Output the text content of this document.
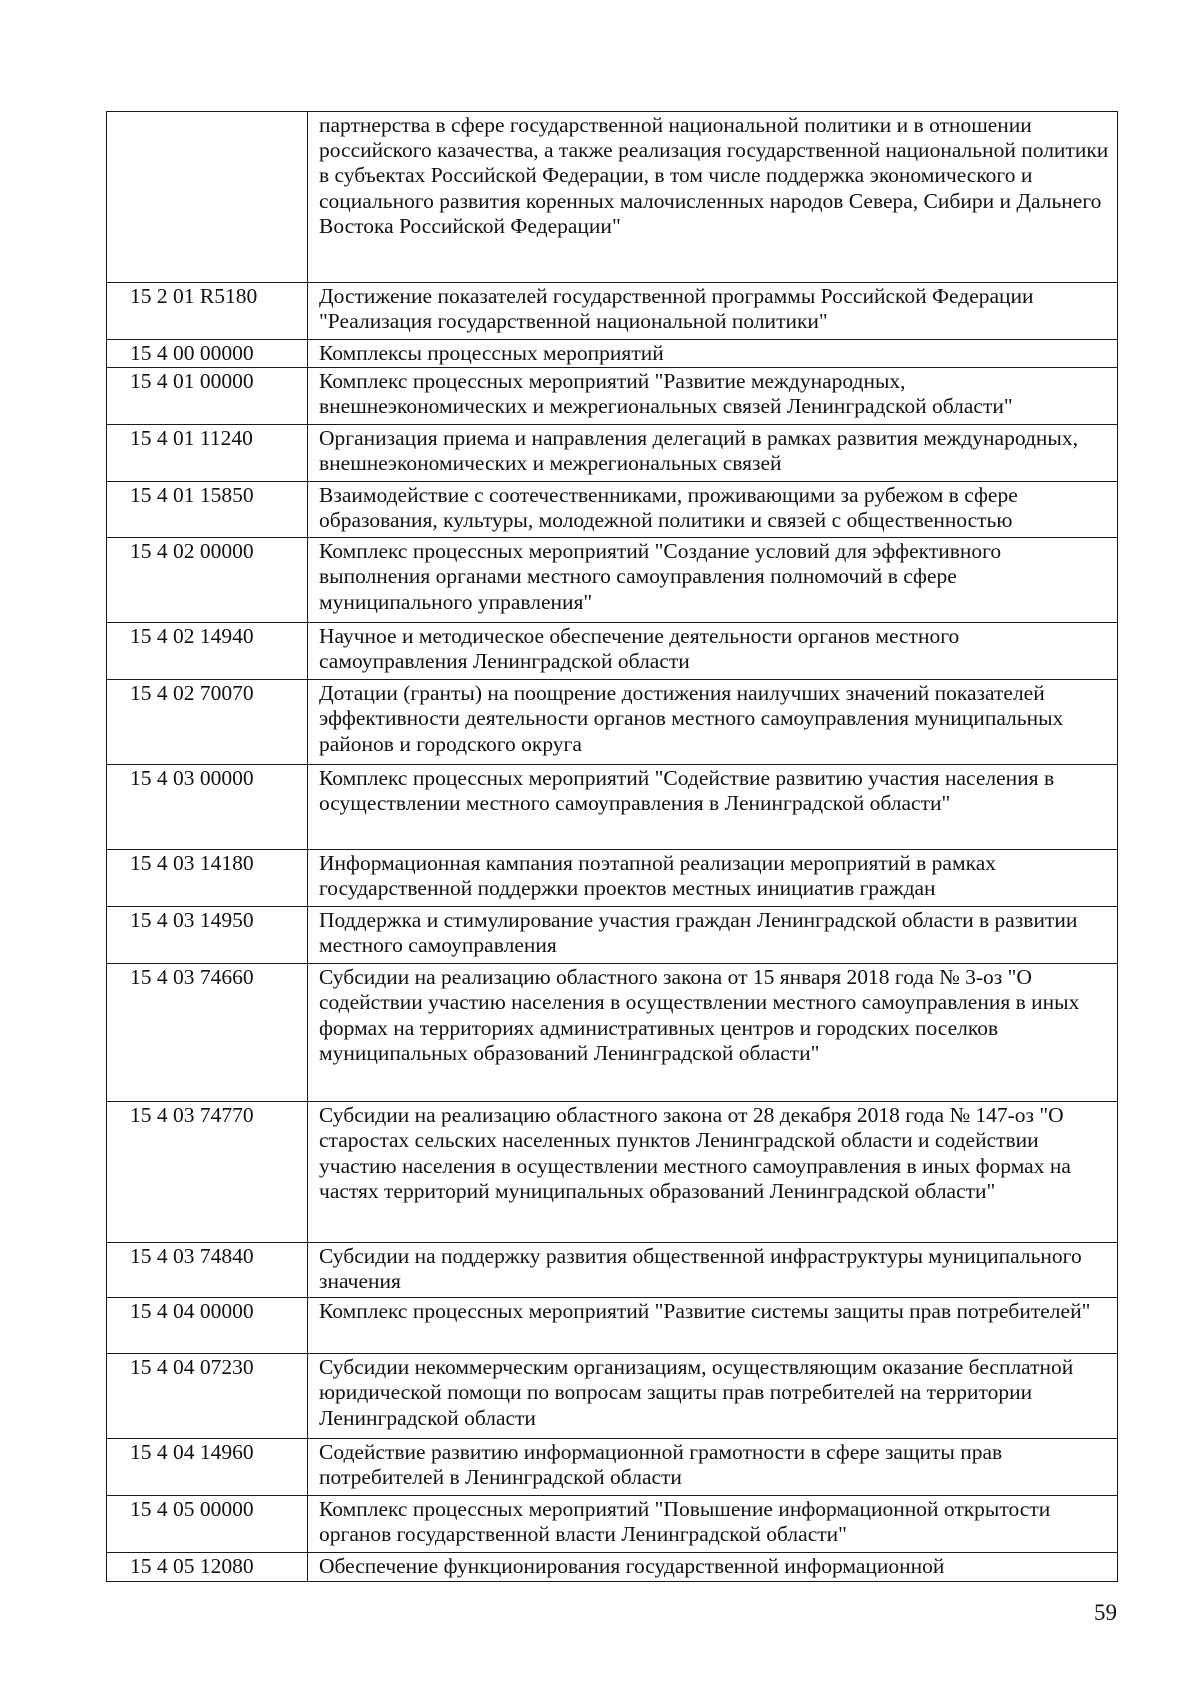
	партнерства в сфере государственной национальной политики и в отношении российского казачества, а также реализация государственной национальной политики в субъектах Российской Федерации, в том числе поддержка экономического и социального развития коренных малочисленных народов Севера, Сибири и Дальнего Востока Российской Федерации"
15 2 01 R5180	Достижение показателей государственной программы Российской Федерации "Реализация государственной национальной политики"
15 4 00 00000	Комплексы процессных мероприятий
15 4 01 00000	Комплекс процессных мероприятий "Развитие международных, внешнеэкономических и межрегиональных связей Ленинградской области"
15 4 01 11240	Организация приема и направления делегаций в рамках развития международных, внешнеэкономических и межрегиональных связей
15 4 01 15850	Взаимодействие с соотечественниками, проживающими за рубежом в сфере образования, культуры, молодежной политики и связей с общественностью
15 4 02 00000	Комплекс процессных мероприятий "Создание условий для эффективного выполнения органами местного самоуправления полномочий в сфере муниципального управления"
15 4 02 14940	Научное и методическое обеспечение деятельности органов местного самоуправления Ленинградской области
15 4 02 70070	Дотации (гранты) на поощрение достижения наилучших значений показателей эффективности деятельности органов местного самоуправления муниципальных районов и городского округа
15 4 03 00000	Комплекс процессных мероприятий "Содействие развитию участия населения в осуществлении местного самоуправления в Ленинградской области"
15 4 03 14180	Информационная кампания поэтапной реализации мероприятий в рамках государственной поддержки проектов местных инициатив граждан
15 4 03 14950	Поддержка и стимулирование участия граждан Ленинградской области в развитии местного самоуправления
15 4 03 74660	Субсидии на реализацию областного закона от 15 января 2018 года № 3-оз "О содействии участию населения в осуществлении местного самоуправления в иных формах на территориях административных центров и городских поселков муниципальных образований Ленинградской области"
15 4 03 74770	Субсидии на реализацию областного закона от 28 декабря 2018 года № 147-оз "О старостах сельских населенных пунктов Ленинградской области и содействии участию населения в осуществлении местного самоуправления в иных формах на частях территорий муниципальных образований Ленинградской области"
15 4 03 74840	Субсидии на поддержку развития общественной инфраструктуры муниципального значения
15 4 04 00000	Комплекс процессных мероприятий "Развитие системы защиты прав потребителей"
15 4 04 07230	Субсидии некоммерческим организациям, осуществляющим оказание бесплатной юридической помощи по вопросам защиты прав потребителей на территории Ленинградской области
15 4 04 14960	Содействие развитию информационной грамотности в сфере защиты прав потребителей в Ленинградской области
15 4 05 00000	Комплекс процессных мероприятий "Повышение информационной открытости органов государственной власти Ленинградской области"
15 4 05 12080	Обеспечение функционирования государственной информационной
59
